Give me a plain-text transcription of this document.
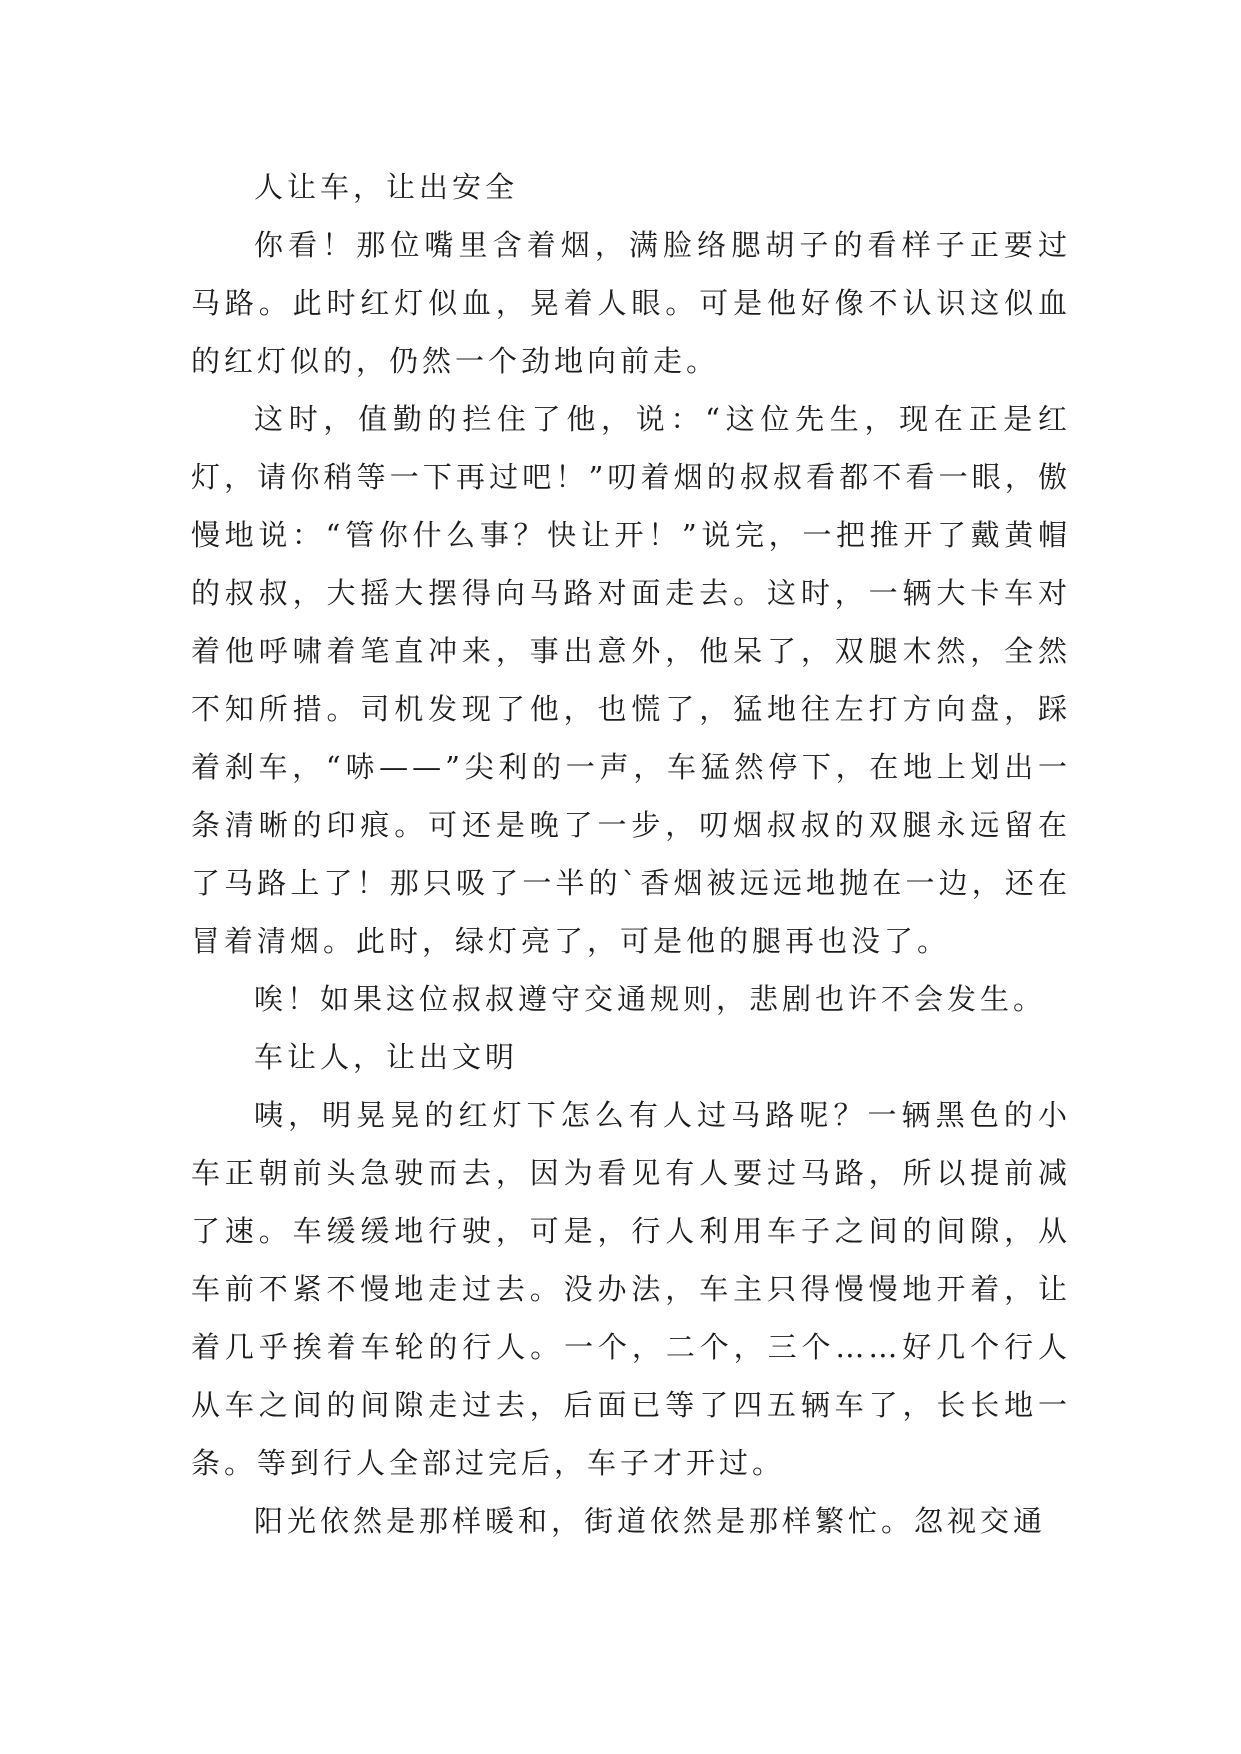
人让车，让出安全

你看！那位嘴里含着烟，满脸络腮胡子的看样子正要过马路。此时红灯似血，晃着人眼。可是他好像不认识这似血的红灯似的，仍然一个劲地向前走。

这时，值勤的拦住了他，说：“这位先生，现在正是红灯，请你稍等一下再过吧！”叨着烟的叔叔看都不看一眼，傲慢地说：“管你什么事？快让开！”说完，一把推开了戴黄帽的叔叔，大摇大摆得向马路对面走去。这时，一辆大卡车对着他呼啸着笔直冲来，事出意外，他呆了，双腿木然，全然不知所措。司机发现了他，也慌了，猛地往左打方向盘，踩着刹车，“哧——”尖利的一声，车猛然停下，在地上划出一条清晰的印痕。可还是晚了一步，叨烟叔叔的双腿永远留在了马路上了！那只吸了一半的`香烟被远远地抛在一边，还在冒着清烟。此时，绿灯亮了，可是他的腿再也没了。

唉！如果这位叔叔遵守交通规则，悲剧也许不会发生。

车让人，让出文明

咦，明晃晃的红灯下怎么有人过马路呢？一辆黑色的小车正朝前头急驶而去，因为看见有人要过马路，所以提前减了速。车缓缓地行驶，可是，行人利用车子之间的间隙，从车前不紧不慢地走过去。没办法，车主只得慢慢地开着，让着几乎挨着车轮的行人。一个，二个，三个……好几个行人从车之间的间隙走过去，后面已等了四五辆车了，长长地一条。等到行人全部过完后，车子才开过。

阳光依然是那样暖和，街道依然是那样繁忙。忽视交通
